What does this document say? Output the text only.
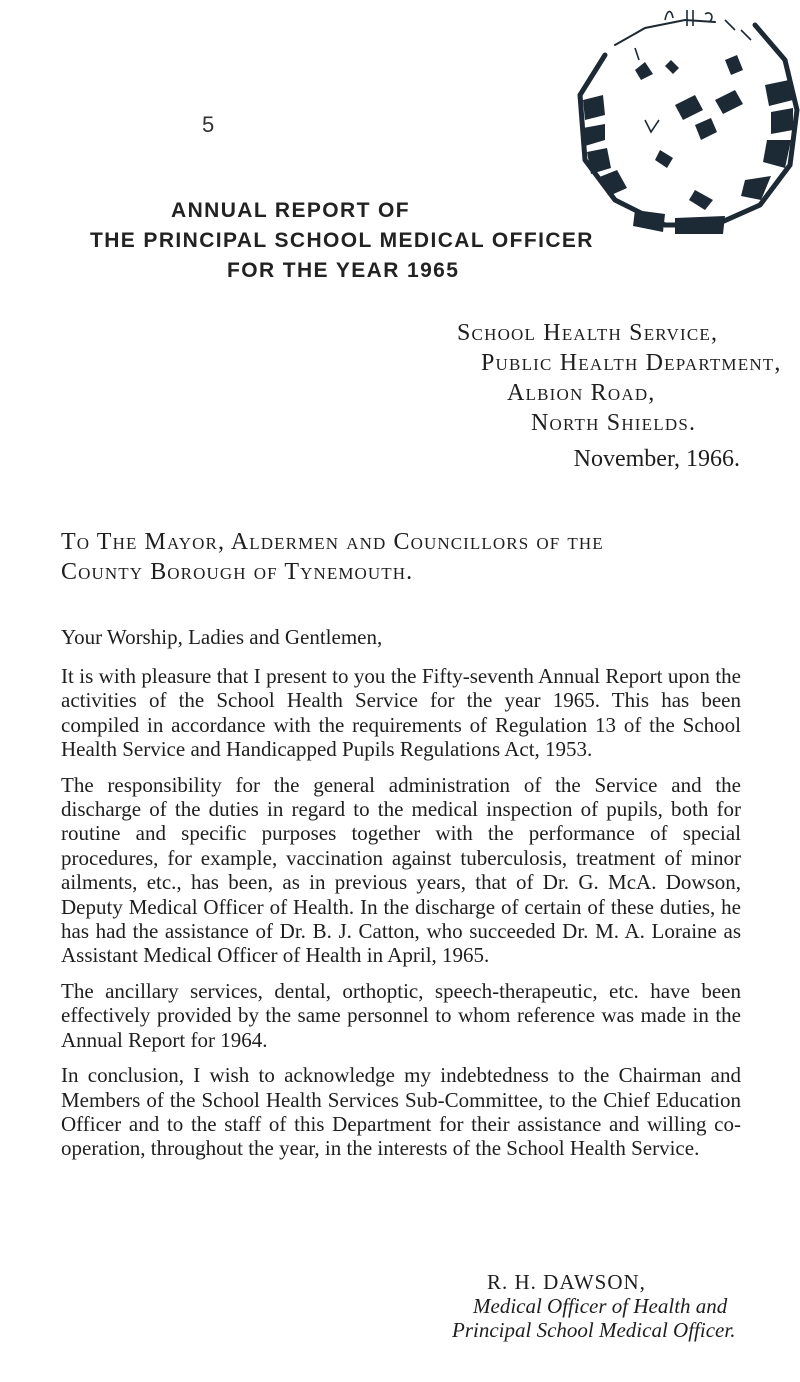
5
ANNUAL REPORT OF
THE PRINCIPAL SCHOOL MEDICAL OFFICER
FOR THE YEAR 1965
School Health Service,
Public Health Department,
Albion Road,
North Shields.
November, 1966.
To The Mayor, Aldermen and Councillors of the
County Borough of Tynemouth.
Your Worship, Ladies and Gentlemen,

It is with pleasure that I present to you the Fifty-seventh Annual Report upon the activities of the School Health Service for the year 1965. This has been compiled in accordance with the requirements of Regulation 13 of the School Health Service and Handicapped Pupils Regulations Act, 1953.

The responsibility for the general administration of the Service and the discharge of the duties in regard to the medical inspection of pupils, both for routine and specific purposes together with the performance of special procedures, for example, vaccination against tuberculosis, treatment of minor ailments, etc., has been, as in previous years, that of Dr. G. McA. Dowson, Deputy Medical Officer of Health. In the discharge of certain of these duties, he has had the assistance of Dr. B. J. Catton, who succeeded Dr. M. A. Loraine as Assistant Medical Officer of Health in April, 1965.

The ancillary services, dental, orthoptic, speech-therapeutic, etc. have been effectively provided by the same personnel to whom reference was made in the Annual Report for 1964.

In conclusion, I wish to acknowledge my indebtedness to the Chairman and Members of the School Health Services Sub-Committee, to the Chief Education Officer and to the staff of this Department for their assistance and willing co-operation, throughout the year, in the interests of the School Health Service.

R. H. DAWSON,
Medical Officer of Health and
Principal School Medical Officer.
